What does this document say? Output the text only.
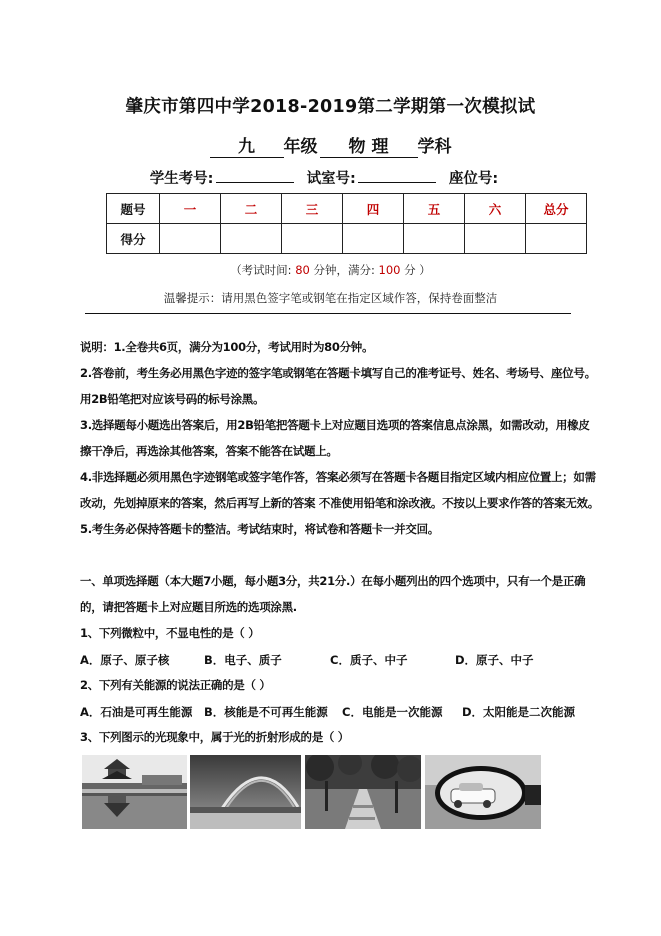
肇庆市第四中学2018-2019第二学期第一次模拟试
九 年级 物 理 学科
学生考号:	试室号:	座位号:
题号	一	二	三	四	五	六	总分
得分							
（考试时间: 80 分钟，满分: 100 分 ）
温馨提示：请用黑色签字笔或钢笔在指定区域作答，保持卷面整洁
说明：1.全卷共6页，满分为100分，考试用时为80分钟。
2.答卷前，考生务必用黑色字迹的签字笔或钢笔在答题卡填写自己的准考证号、姓名、考场号、座位号。
用2B铅笔把对应该号码的标号涂黑。
3.选择题每小题选出答案后，用2B铅笔把答题卡上对应题目选项的答案信息点涂黑，如需改动，用橡皮
擦干净后，再选涂其他答案，答案不能答在试题上。
4.非选择题必须用黑色字迹钢笔或签字笔作答，答案必须写在答题卡各题目指定区域内相应位置上；如需
改动，先划掉原来的答案，然后再写上新的答案 不准使用铅笔和涂改液。不按以上要求作答的答案无效。
5.考生务必保持答题卡的整洁。考试结束时，将试卷和答题卡一并交回。
一、单项选择题（本大题7小题，每小题3分，共21分.）在每小题列出的四个选项中，只有一个是正确
的，请把答题卡上对应题目所选的选项涂黑.
1、下列微粒中，不显电性的是（ ）
A．原子、原子核	B．电子、质子	C．质子、中子	D．原子、中子
2、下列有关能源的说法正确的是（ ）
A．石油是可再生能源 B．核能是不可再生能源 C．电能是一次能源 D．太阳能是二次能源
3、下列图示的光现象中，属于光的折射形成的是（ ）
